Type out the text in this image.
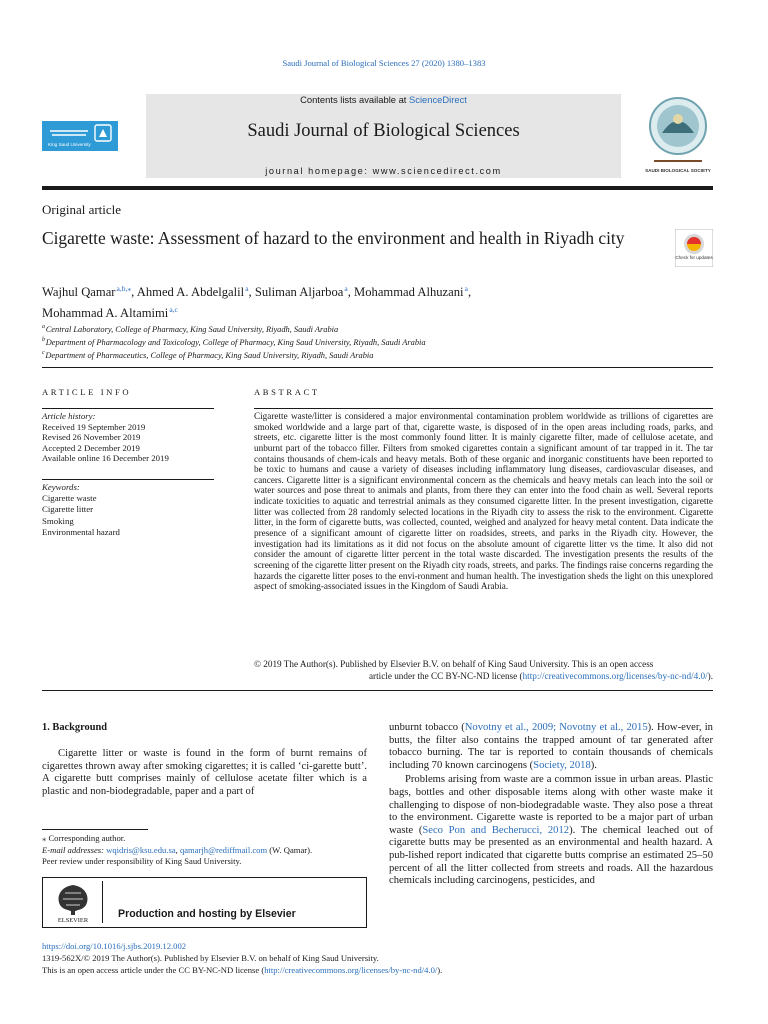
Saudi Journal of Biological Sciences 27 (2020) 1380–1383
Contents lists available at ScienceDirect
Saudi Journal of Biological Sciences
journal homepage: www.sciencedirect.com
King Saud University
SAUDI BIOLOGICAL SOCIETY
Original article
Cigarette waste: Assessment of hazard to the environment and health in Riyadh city
Check for updates
Wajhul Qamar $^{a,b,⁎}$, Ahmed A. Abdelgalil $^a$, Suliman Aljarboa $^a$, Mohammad Alhuzani $^a$,
Mohammad A. Altamimi $^{a,c}$
$^a$ Central Laboratory, College of Pharmacy, King Saud University, Riyadh, Saudi Arabia
$^b$ Department of Pharmacology and Toxicology, College of Pharmacy, King Saud University, Riyadh, Saudi Arabia
$^c$ Department of Pharmaceutics, College of Pharmacy, King Saud University, Riyadh, Saudi Arabia
ARTICLE INFO
Article history:
Received 19 September 2019
Revised 26 November 2019
Accepted 2 December 2019
Available online 16 December 2019
Keywords:
Cigarette waste
Cigarette litter
Smoking
Environmental hazard
ABSTRACT
Cigarette waste/litter is considered a major environmental contamination problem worldwide as trillions of cigarettes are smoked worldwide and a large part of that, cigarette waste, is disposed of in the open areas including roads, parks, and streets, etc. cigarette litter is the most commonly found litter. It is mainly cigarette filter, made of cellulose acetate, and unburnt part of the tobacco filler. Filters from smoked cigarettes contain a significant amount of tar trapped in it. The tar contains thousands of chem-icals and heavy metals. Both of these organic and inorganic constituents have been reported to be toxic to humans and cause a variety of diseases including inflammatory lung diseases, cardiovascular diseases, and cancers. Cigarette litter is a significant environmental concern as the chemicals and heavy metals can leach into the soil or water sources and pose threat to animals and plants, from there they can enter into the food chain as well. Several reports indicate toxicities to aquatic and terrestrial animals as they consumed cigarette litter. In the present investigation, cigarette litter was collected from 28 randomly selected locations in the Riyadh city to assess the risk to the environment. Cigarette litter, in the form of cigarette butts, was collected, counted, weighed and analyzed for heavy metal content. Data indicate the presence of a significant amount of cigarette litter on roadsides, streets, and parks in the Riyadh city. However, the investigation had its limitations as it did not focus on the absolute amount of cigarette litter vs the time. It also did not consider the amount of cigarette litter percent in the total waste discarded. The investigation presents the results of the screening of the cigarette litter present on the Riyadh city roads, streets, and parks. The findings raise concerns regarding the hazards the cigarette litter poses to the envi-ronment and human health. The investigation sheds the light on this unexplored aspect of smoking-associated issues in the Kingdom of Saudi Arabia.
© 2019 The Author(s). Published by Elsevier B.V. on behalf of King Saud University. This is an open access
article under the CC BY-NC-ND license (http://creativecommons.org/licenses/by-nc-nd/4.0/).
1. Background

Cigarette litter or waste is found in the form of burnt remains of cigarettes thrown away after smoking cigarettes; it is called ‘ci-garette butt’. A cigarette butt comprises mainly of cellulose acetate filter which is a plastic and non-biodegradable, paper and a part of

⁎ Corresponding author.
E-mail addresses: wqidris@ksu.edu.sa, qamarjh@rediffmail.com (W. Qamar).
Peer review under responsibility of King Saud University.
ELSEVIER
Production and hosting by Elsevier
https://doi.org/10.1016/j.sjbs.2019.12.002
1319-562X/© 2019 The Author(s). Published by Elsevier B.V. on behalf of King Saud University.
This is an open access article under the CC BY-NC-ND license (http://creativecommons.org/licenses/by-nc-nd/4.0/).

unburnt tobacco (Novotny et al., 2009; Novotny et al., 2015). How-ever, in butts, the filter also contains the trapped amount of tar generated after tobacco burning. The tar is reported to contain thousands of chemicals including 70 known carcinogens (Society, 2018).

Problems arising from waste are a common issue in urban areas. Plastic bags, bottles and other disposable items along with other waste make it challenging to dispose of non-biodegradable waste. They also pose a threat to the environment. Cigarette waste is reported to be a major part of urban waste (Seco Pon and Becherucci, 2012). The chemical leached out of cigarette butts may be presented as an environmental and health hazard. A pub-lished report indicated that cigarette butts comprise an estimated 25–50 percent of all the litter collected from streets and roads. All the hazardous chemicals including carcinogens, pesticides, and
